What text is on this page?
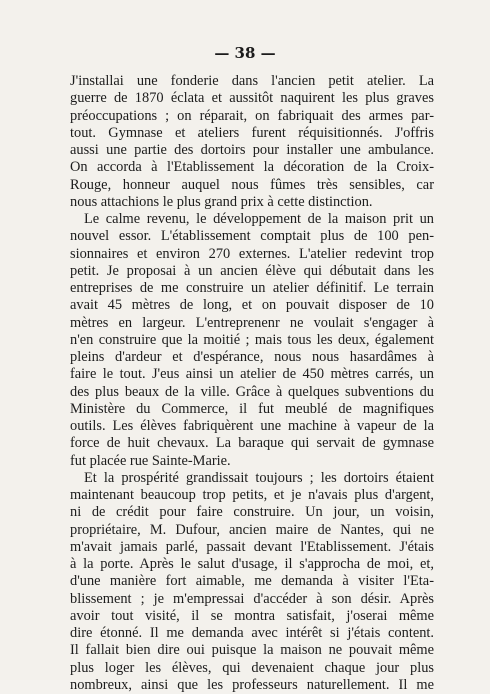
— 38 —
J'installai une fonderie dans l'ancien petit atelier. La
guerre de 1870 éclata et aussitôt naquirent les plus graves
préoccupations ; on réparait, on fabriquait des armes par-
tout. Gymnase et ateliers furent réquisitionnés. J'offris
aussi une partie des dortoirs pour installer une ambulance.
On accorda à l'Etablissement la décoration de la Croix-
Rouge, honneur auquel nous fûmes très sensibles, car
nous attachions le plus grand prix à cette distinction.
Le calme revenu, le développement de la maison prit un
nouvel essor. L'établissement comptait plus de 100 pen-
sionnaires et environ 270 externes. L'atelier redevint trop
petit. Je proposai à un ancien élève qui débutait dans les
entreprises de me construire un atelier définitif. Le terrain
avait 45 mètres de long, et on pouvait disposer de 10
mètres en largeur. L'entreprenenr ne voulait s'engager à
n'en construire que la moitié ; mais tous les deux, également
pleins d'ardeur et d'espérance, nous nous hasardâmes à
faire le tout. J'eus ainsi un atelier de 450 mètres carrés, un
des plus beaux de la ville. Grâce à quelques subventions du
Ministère du Commerce, il fut meublé de magnifiques
outils. Les élèves fabriquèrent une machine à vapeur de la
force de huit chevaux. La baraque qui servait de gymnase
fut placée rue Sainte-Marie.
Et la prospérité grandissait toujours ; les dortoirs étaient
maintenant beaucoup trop petits, et je n'avais plus d'argent,
ni de crédit pour faire construire. Un jour, un voisin,
propriétaire, M. Dufour, ancien maire de Nantes, qui ne
m'avait jamais parlé, passait devant l'Etablissement. J'étais
à la porte. Après le salut d'usage, il s'approcha de moi, et,
d'une manière fort aimable, me demanda à visiter l'Eta-
blissement ; je m'empressai d'accéder à son désir. Après
avoir tout visité, il se montra satisfait, j'oserai même
dire étonné. Il me demanda avec intérêt si j'étais content.
Il fallait bien dire oui puisque la maison ne pouvait même
plus loger les élèves, qui devenaient chaque jour plus
nombreux, ainsi que les professeurs naturellement. Il me
